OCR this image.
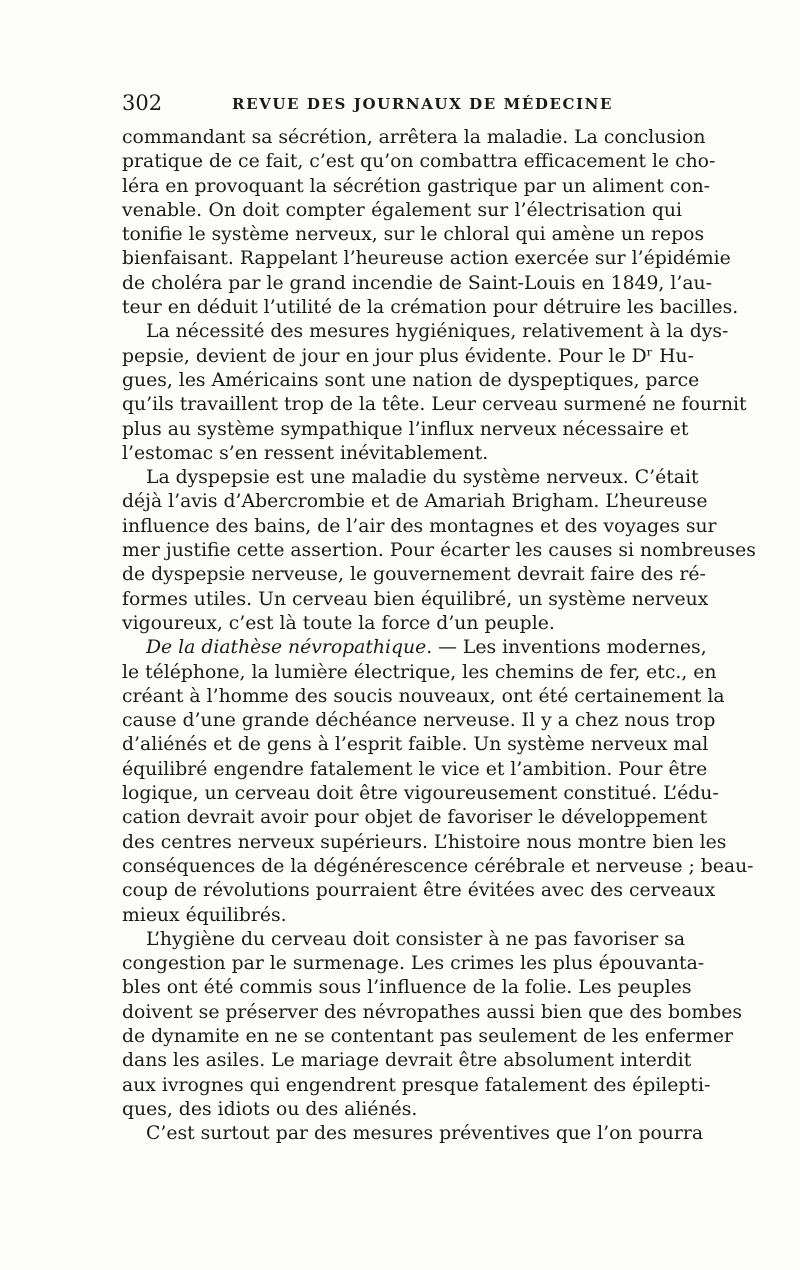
302	REVUE DES JOURNAUX DE MÉDECINE

commandant sa sécrétion, arrêtera la maladie. La conclusion
pratique de ce fait, c’est qu’on combattra efficacement le cho-
léra en provoquant la sécrétion gastrique par un aliment con-
venable. On doit compter également sur l’électrisation qui
tonifie le système nerveux, sur le chloral qui amène un repos
bienfaisant. Rappelant l’heureuse action exercée sur l’épidémie
de choléra par le grand incendie de Saint-Louis en 1849, l’au-
teur en déduit l’utilité de la crémation pour détruire les bacilles.

La nécessité des mesures hygiéniques, relativement à la dys-
pepsie, devient de jour en jour plus évidente. Pour le Dʳ Hu-
gues, les Américains sont une nation de dyspeptiques, parce
qu’ils travaillent trop de la tête. Leur cerveau surmené ne fournit
plus au système sympathique l’influx nerveux nécessaire et
l’estomac s’en ressent inévitablement.

La dyspepsie est une maladie du système nerveux. C’était
déjà l’avis d’Abercrombie et de Amariah Brigham. L’heureuse
influence des bains, de l’air des montagnes et des voyages sur
mer justifie cette assertion. Pour écarter les causes si nombreuses
de dyspepsie nerveuse, le gouvernement devrait faire des ré-
formes utiles. Un cerveau bien équilibré, un système nerveux
vigoureux, c’est là toute la force d’un peuple.

De la diathèse névropathique. — Les inventions modernes,
le téléphone, la lumière électrique, les chemins de fer, etc., en
créant à l’homme des soucis nouveaux, ont été certainement la
cause d’une grande déchéance nerveuse. Il y a chez nous trop
d’aliénés et de gens à l’esprit faible. Un système nerveux mal
équilibré engendre fatalement le vice et l’ambition. Pour être
logique, un cerveau doit être vigoureusement constitué. L’édu-
cation devrait avoir pour objet de favoriser le développement
des centres nerveux supérieurs. L’histoire nous montre bien les
conséquences de la dégénérescence cérébrale et nerveuse ; beau-
coup de révolutions pourraient être évitées avec des cerveaux
mieux équilibrés.

L’hygiène du cerveau doit consister à ne pas favoriser sa
congestion par le surmenage. Les crimes les plus épouvanta-
bles ont été commis sous l’influence de la folie. Les peuples
doivent se préserver des névropathes aussi bien que des bombes
de dynamite en ne se contentant pas seulement de les enfermer
dans les asiles. Le mariage devrait être absolument interdit
aux ivrognes qui engendrent presque fatalement des épilepti-
ques, des idiots ou des aliénés.

C’est surtout par des mesures préventives que l’on pourra
